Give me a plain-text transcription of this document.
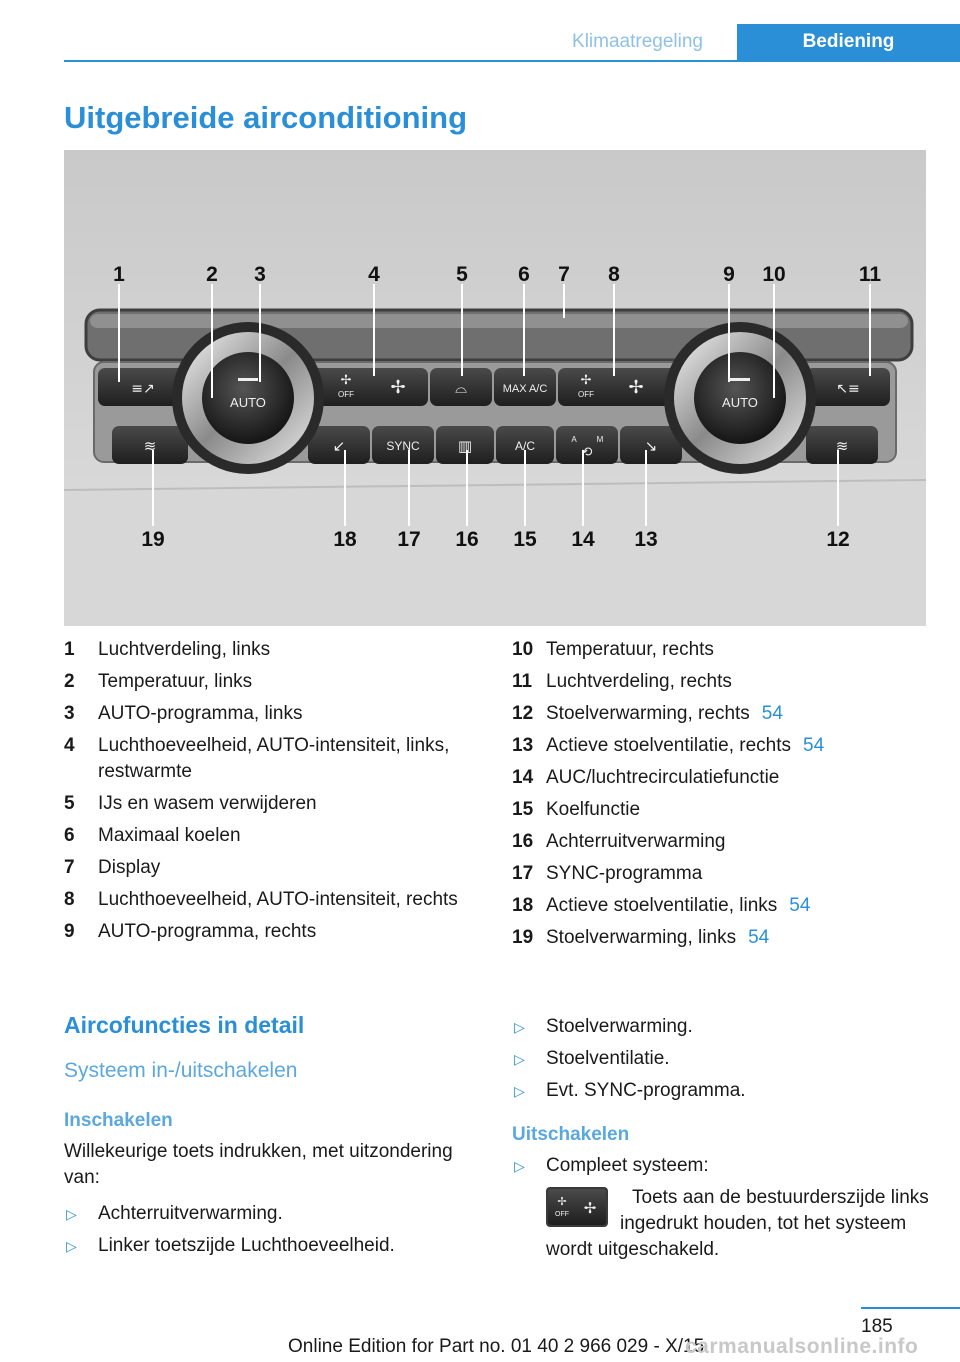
Klimaatregeling	Bediening
Uitgebreide airconditioning
≡↗
✢
OFF ✢	⌓	MAX A/C
✢
OFF ✢	↖≡
≋	↙	SYNC	▥	A/C	A M
⟲	↘	≋
AUTO	AUTO
1	2 3	4	5 6 7 8	9 10	11
19	18 17 16 15 14 13	12
1 Luchtverdeling, links
2 Temperatuur, links
3 AUTO-programma, links
4 Luchthoeveelheid, AUTO-intensiteit, links, restwarmte
5 IJs en wasem verwijderen
6 Maximaal koelen
7 Display
8 Luchthoeveelheid, AUTO-intensiteit, rechts
9 AUTO-programma, rechts
10 Temperatuur, rechts
11 Luchtverdeling, rechts
12 Stoelverwarming, rechts 54
13 Actieve stoelventilatie, rechts 54
14 AUC/luchtrecirculatiefunctie
15 Koelfunctie
16 Achterruitverwarming
17 SYNC-programma
18 Actieve stoelventilatie, links 54
19 Stoelverwarming, links 54
Aircofuncties in detail
Systeem in-/uitschakelen
Inschakelen

Willekeurige toets indrukken, met uitzondering van:

▷ Achterruitverwarming.
▷ Linker toetszijde Luchthoeveelheid.
▷ Stoelverwarming.
▷ Stoelventilatie.
▷ Evt. SYNC-programma.
Uitschakelen
▷ Compleet systeem:
✢
OFF ✢ Toets aan de bestuurderszijde links ingedrukt houden, tot het systeem wordt uitgeschakeld.
185
Online Edition for Part no. 01 40 2 966 029 - X/15
carmanualsonline.info
